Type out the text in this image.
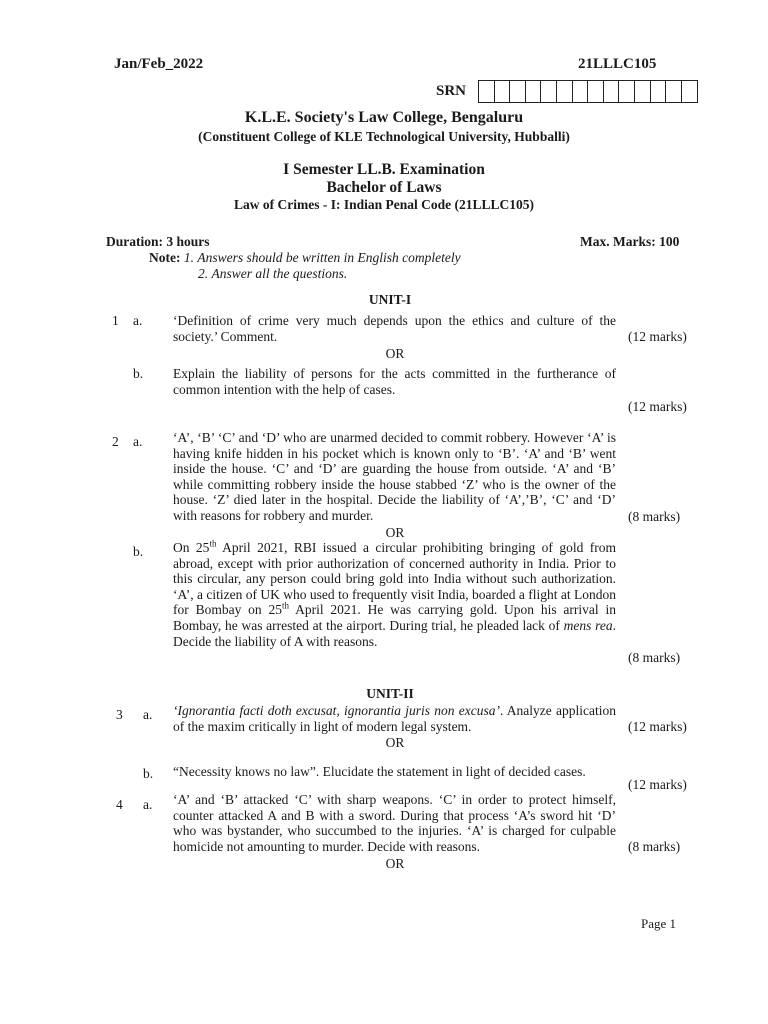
Jan/Feb_2022	21LLLC105
SRN
K.L.E. Society's Law College, Bengaluru
(Constituent College of KLE Technological University, Hubballi)
I Semester LL.B. Examination
Bachelor of Laws
Law of Crimes - I: Indian Penal Code (21LLLC105)
Duration: 3 hours	Max. Marks: 100
Note: 1. Answers should be written in English completely
2. Answer all the questions.
UNIT-I
1 a. ‘Definition of crime very much depends upon the ethics and culture of the society.’ Comment.	(12 marks)
OR
b. Explain the liability of persons for the acts committed in the furtherance of common intention with the help of cases.
(12 marks)
2 a. ‘A’, ‘B’ ‘C’ and ‘D’ who are unarmed decided to commit robbery. However ‘A’ is having knife hidden in his pocket which is known only to ‘B’. ‘A’ and ‘B’ went inside the house. ‘C’ and ‘D’ are guarding the house from outside. ‘A’ and ‘B’ while committing robbery inside the house stabbed ‘Z’ who is the owner of the house. ‘Z’ died later in the hospital. Decide the liability of ‘A’,’B’, ‘C’ and ‘D’ with reasons for robbery and murder.	(8 marks)
OR
b. On 25th April 2021, RBI issued a circular prohibiting bringing of gold from abroad, except with prior authorization of concerned authority in India. Prior to this circular, any person could bring gold into India without such authorization. ‘A’, a citizen of UK who used to frequently visit India, boarded a flight at London for Bombay on 25th April 2021. He was carrying gold. Upon his arrival in Bombay, he was arrested at the airport. During trial, he pleaded lack of mens rea. Decide the liability of A with reasons.
(8 marks)
UNIT-II
3 a. ‘Ignorantia facti doth excusat, ignorantia juris non excusa’. Analyze application of the maxim critically in light of modern legal system.	(12 marks)
OR
b. “Necessity knows no law”. Elucidate the statement in light of decided cases.
(12 marks)
4 a. ‘A’ and ‘B’ attacked ‘C’ with sharp weapons. ‘C’ in order to protect himself, counter attacked A and B with a sword. During that process ‘A’s sword hit ‘D’ who was bystander, who succumbed to the injuries. ‘A’ is charged for culpable homicide not amounting to murder. Decide with reasons.	(8 marks)
OR
Page 1
